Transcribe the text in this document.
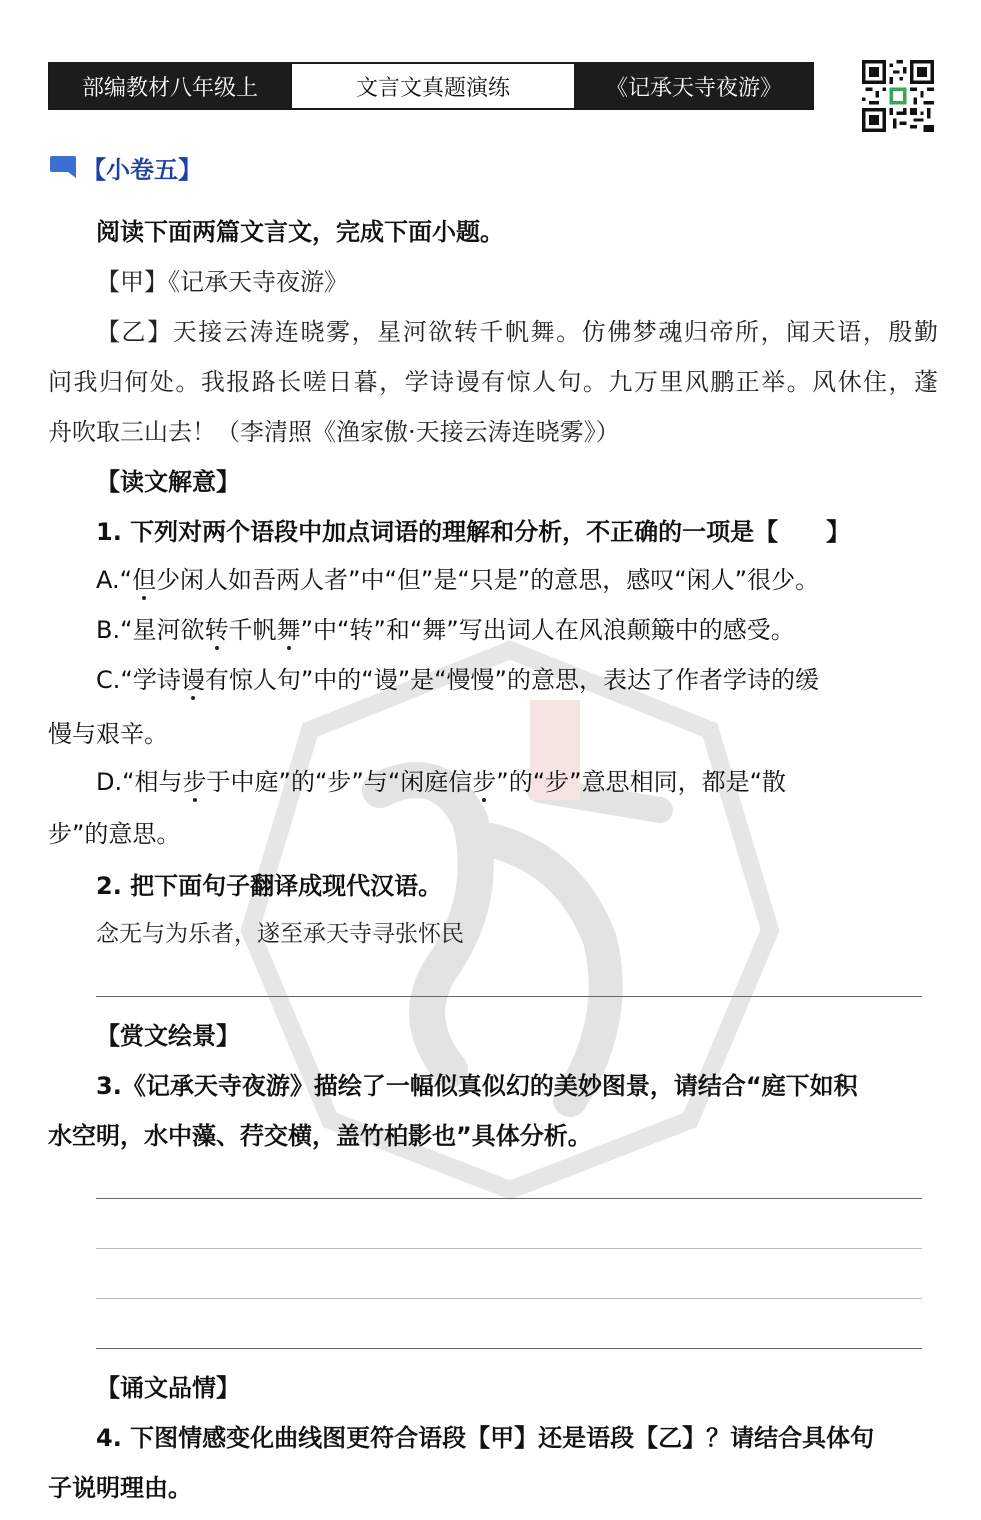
部编教材八年级上	文言文真题演练	《记承天寺夜游》
【小卷五】
阅读下面两篇文言文，完成下面小题。
【甲】《记承天寺夜游》
【乙】天接云涛连晓雾，星河欲转千帆舞。仿佛梦魂归帝所，闻天语，殷勤
问我归何处。我报路长嗟日暮，学诗谩有惊人句。九万里风鹏正举。风休住，蓬
舟吹取三山去！（李清照《渔家傲·天接云涛连晓雾》）
【读文解意】
1. 下列对两个语段中加点词语的理解和分析，不正确的一项是【　　】
A.“但少闲人如吾两人者”中“但”是“只是”的意思，感叹“闲人”很少。
B.“星河欲转千帆舞”中“转”和“舞”写出词人在风浪颠簸中的感受。
C.“学诗谩有惊人句”中的“谩”是“慢慢”的意思，表达了作者学诗的缓
慢与艰辛。
D.“相与步于中庭”的“步”与“闲庭信步”的“步”意思相同，都是“散
步”的意思。
2. 把下面句子翻译成现代汉语。
念无与为乐者，遂至承天寺寻张怀民
【赏文绘景】
3.《记承天寺夜游》描绘了一幅似真似幻的美妙图景，请结合“庭下如积
水空明，水中藻、荇交横，盖竹柏影也”具体分析。
【诵文品情】
4. 下图情感变化曲线图更符合语段【甲】还是语段【乙】？请结合具体句
子说明理由。
